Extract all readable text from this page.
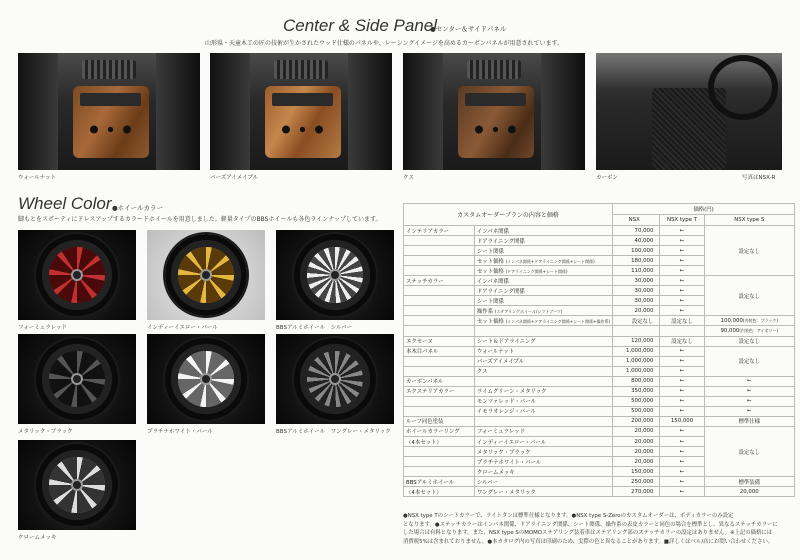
Center & Side Panel
●センター＆サイドパネル
山形県・天童木工の匠の技術が生かされたウッド仕様のパネルや、レーシングイメージを高めるカーボンパネルが用意されています。
ウォールナット	バーズアイメイプル	クス	カーボン	写真はNSX-R
Wheel Color ●ホイールカラー
脚もとをスポーティにドレスアップするカラードホイールを用意しました。軽量タイプのBBSホイールも各色ラインナップしています。
フォーミュラレッド	インディーイエロー・パール	BBSアルミホイール　シルバー
メタリック・ブラック	プラチナホワイト・パール	BBSアルミホイール　ワングレー・メタリック
クロームメッキ
カスタムオーダープランの内容と価格		価格(円)		
		NSX	NSX type T	NSX type S
インテリアカラー	インパネ関係	70,000	←	設定なし
	ドアライニング関係	40,000	←	
	シート関係	100,000	←	
	セット価格 (インパネ関係+ドアライニング関係+シート関係)	180,000	←	
	セット価格 (ドアライニング関係+シート関係)	110,000	←	
ステッチカラー	インパネ関係	30,000	←	設定なし
	ドアライニング関係	30,000	←	
	シート関係	30,000	←	
	操作系 (ステアリングホイール/シフトブーツ)	20,000	←	
	セット価格 (インパネ関係+ドアライニング関係+シート関係+操作系)	設定なし	設定なし	100,000(内装色：ブラック)
				90,000(内装色：アイボリー)
エクセーヌ	シート＆ドアライニング	120,000	設定なし	設定なし
本木目パネル	ウォールナット	1,000,000	←	設定なし
	バーズアイメイプル	1,000,000	←	
	クス	1,000,000	←	
カーボンパネル		800,000	←	←
エクステリアカラー	ライムグリーン・メタリック	350,000	←	←
	モンツァレッド・パール	500,000	←	←
	イモラオレンジ・パール	500,000	←	←
ルーフ同色塗装		200,000	150,000	標準仕様
ホイールカラーリング	フォーミュラレッド	20,000	←	設定なし
（4本セット）	インディーイエロー・パール	20,000	←	
	メタリック・ブラック	20,000	←	
	プラチナホワイト・パール	20,000	←	
	クロームメッキ	150,000	←	
BBSアルミホイール	シルバー	250,000	←	標準装備
（4本セット）	ワングレー・メタリック	270,000	←	20,000
●NSX type Tのシートカラーで、ライトタンは標準仕様となります。●NSX type S-Zeroのカスタムオーダーは、ボディカラーのみ設定
となります。●ステッチカラーはインパネ関係、ドアライニング関係、シート関係、操作系の表皮カラーと同色の場合を標準とし、異なるステッチカラーに
した場合は有料となります。また、NSX type SのMOMOステアリング装着車はステアリング部のステッチカラーの設定はありません。※上記の価格には
消費税5%は含まれておりません。●本カタログ内の写真は印刷のため、実際の色と異なることがあります。■詳しくはベル/店にお問い合わせください。
